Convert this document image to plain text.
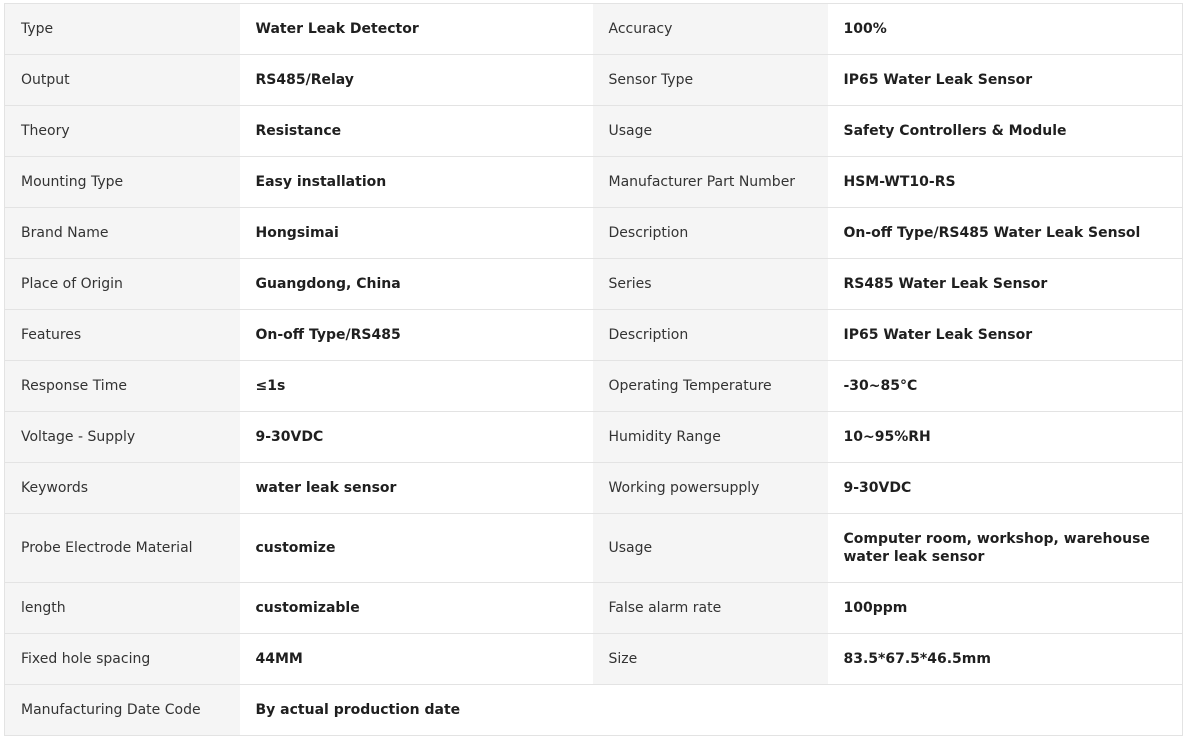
Type	Water Leak Detector	Accuracy	100%
Output	RS485/Relay	Sensor Type	IP65 Water Leak Sensor
Theory	Resistance	Usage	Safety Controllers & Module
Mounting Type	Easy installation	Manufacturer Part Number	HSM-WT10-RS
Brand Name	Hongsimai	Description	On-off Type/RS485 Water Leak Sensol
Place of Origin	Guangdong, China	Series	RS485 Water Leak Sensor
Features	On-off Type/RS485	Description	IP65 Water Leak Sensor
Response Time	≤1s	Operating Temperature	-30~85°C
Voltage - Supply	9-30VDC	Humidity Range	10~95%RH
Keywords	water leak sensor	Working powersupply	9-30VDC
Probe Electrode Material	customize	Usage	Computer room, workshop, warehouse water leak sensor
length	customizable	False alarm rate	100ppm
Fixed hole spacing	44MM	Size	83.5*67.5*46.5mm
Manufacturing Date Code	By actual production date		
